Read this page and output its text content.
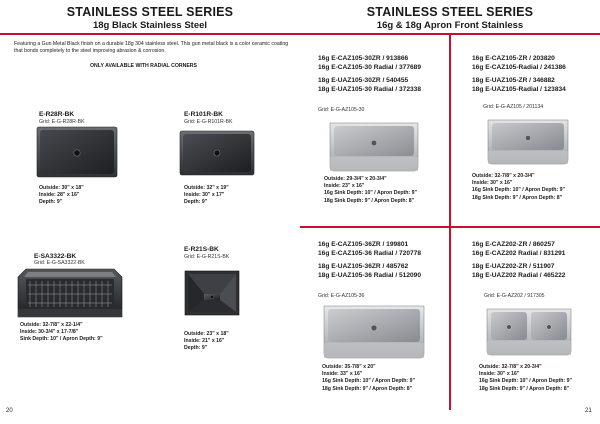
STAINLESS STEEL SERIES
18g Black Stainless Steel
Featuring a Gun Metal Black finish on a durable 18g 304 stainless steel. This gun metal black is a color ceramic coating that bonds completely to the steel improving abrasion & corrosion.
ONLY AVAILABLE WITH RADIAL CORNERS
E-R28R-BK
Grid: E-G-R28R-BK
Outside: 30" x 18"
Inside: 28" x 16"
Depth: 9"
E-R101R-BK
Grid: E-G-R101R-BK
Outside: 32" x 19"
Inside: 30" x 17"
Depth: 9"
E-SA3322-BK
Grid: E-G-SA3322-BK
Outside: 32-7/8" x 22-1/4"
Inside: 30-3/4" x 17-7/8"
Sink Depth: 10" / Apron Depth: 9"
E-R21S-BK
Grid: E-G-R21S-BK
Outside: 23" x 18"
Inside: 21" x 16"
Depth: 9"
20
STAINLESS STEEL SERIES
16g & 18g Apron Front Stainless
16g E-CAZ105-30ZR / 913866
16g E-CAZ105-30 Radial / 377689
18g E-UAZ105-30ZR / 540455
18g E-UAZ105-30 Radial / 372338
Grid: E-G-AZ105-30
Outside: 29-3/4" x 20-3/4"
Inside: 23" x 16"
16g Sink Depth: 10" / Apron Depth: 9"
18g Sink Depth: 9" / Apron Depth: 8"
16g E-CAZ105-ZR / 203820
16g E-CAZ105-Radial / 241386
18g E-UAZ105-ZR / 346882
18g E-UAZ105-Radial / 123834
Grid: E-G-AZ105 / 201134
Outside: 32-7/8" x 20-3/4"
Inside: 30" x 16"
16g Sink Depth: 10" / Apron Depth: 9"
18g Sink Depth: 9" / Apron Depth: 8"
16g E-CAZ105-36ZR / 199801
16g E-CAZ105-36 Radial / 720778
18g E-UAZ105-36ZR / 485762
18g E-UAZ105-36 Radial / 512090
Grid: E-G-AZ105-36
Outside: 35-7/8" x 20"
Inside: 33" x 16"
16g Sink Depth: 10" / Apron Depth: 9"
18g Sink Depth: 9" / Apron Depth: 8"
16g E-CAZ202-ZR / 860257
16g E-CAZ202 Radial / 831291
18g E-UAZ202-ZR / 511907
18g E-UAZ202 Radial / 465222
Grid: E-G-AZ202 / 917305
Outside: 32-7/8" x 20-3/4"
Inside: 30" x 16"
16g Sink Depth: 10" / Apron Depth: 9"
18g Sink Depth: 9" / Apron Depth: 8"
21
